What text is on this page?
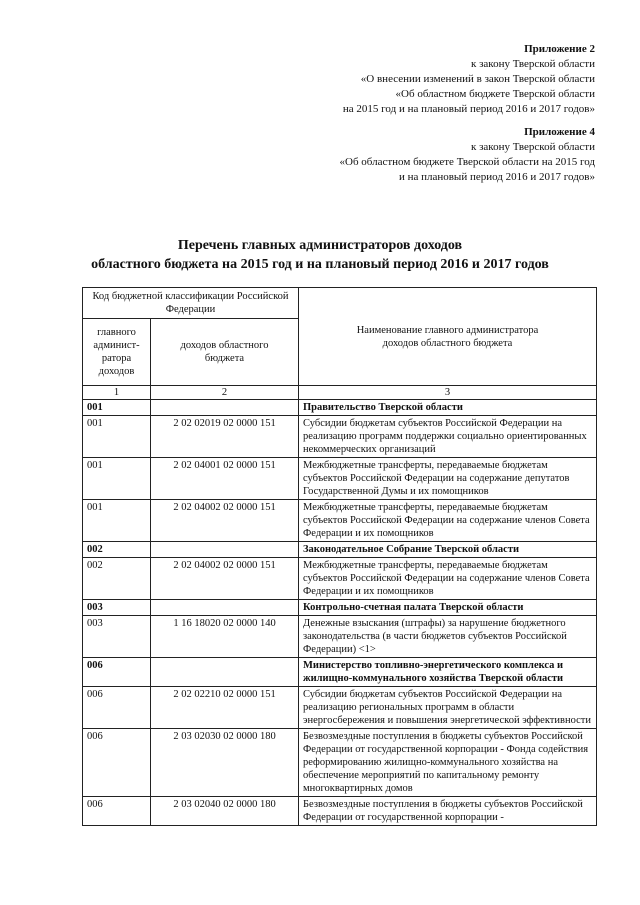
Приложение 2
к закону Тверской области
«О внесении изменений в закон Тверской области
«Об областном бюджете Тверской области
на 2015 год и на плановый период 2016 и 2017 годов»
Приложение 4
к закону Тверской области
«Об областном бюджете Тверской области на 2015 год
и на плановый период 2016 и 2017 годов»
Перечень главных администраторов доходов
областного бюджета на 2015 год и на плановый период 2016 и 2017 годов
Код бюджетной классификации Российской Федерации		Наименование главного администратора доходов областного бюджета
главного админист-ратора доходов	доходов областного бюджета	
1	2	3
001		Правительство Тверской области
001	2 02 02019 02 0000 151	Субсидии бюджетам субъектов Российской Федерации на реализацию программ поддержки социально ориентированных некоммерческих организаций
001	2 02 04001 02 0000 151	Межбюджетные трансферты, передаваемые бюджетам субъектов Российской Федерации на содержание депутатов Государственной Думы и их помощников
001	2 02 04002 02 0000 151	Межбюджетные трансферты, передаваемые бюджетам субъектов Российской Федерации на содержание членов Совета Федерации и их помощников
002		Законодательное Собрание Тверской области
002	2 02 04002 02 0000 151	Межбюджетные трансферты, передаваемые бюджетам субъектов Российской Федерации на содержание членов Совета Федерации и их помощников
003		Контрольно-счетная палата Тверской области
003	1 16 18020 02 0000 140	Денежные взыскания (штрафы) за нарушение бюджетного законодательства (в части бюджетов субъектов Российской Федерации) <1>
006		Министерство топливно-энергетического комплекса и жилищно-коммунального хозяйства Тверской области
006	2 02 02210 02 0000 151	Субсидии бюджетам субъектов Российской Федерации на реализацию региональных программ в области энергосбережения и повышения энергетической эффективности
006	2 03 02030 02 0000 180	Безвозмездные поступления в бюджеты субъектов Российской Федерации от государственной корпорации - Фонда содействия реформированию жилищно-коммунального хозяйства на обеспечение мероприятий по капитальному ремонту многоквартирных домов
006	2 03 02040 02 0000 180	Безвозмездные поступления в бюджеты субъектов Российской Федерации от государственной корпорации -
